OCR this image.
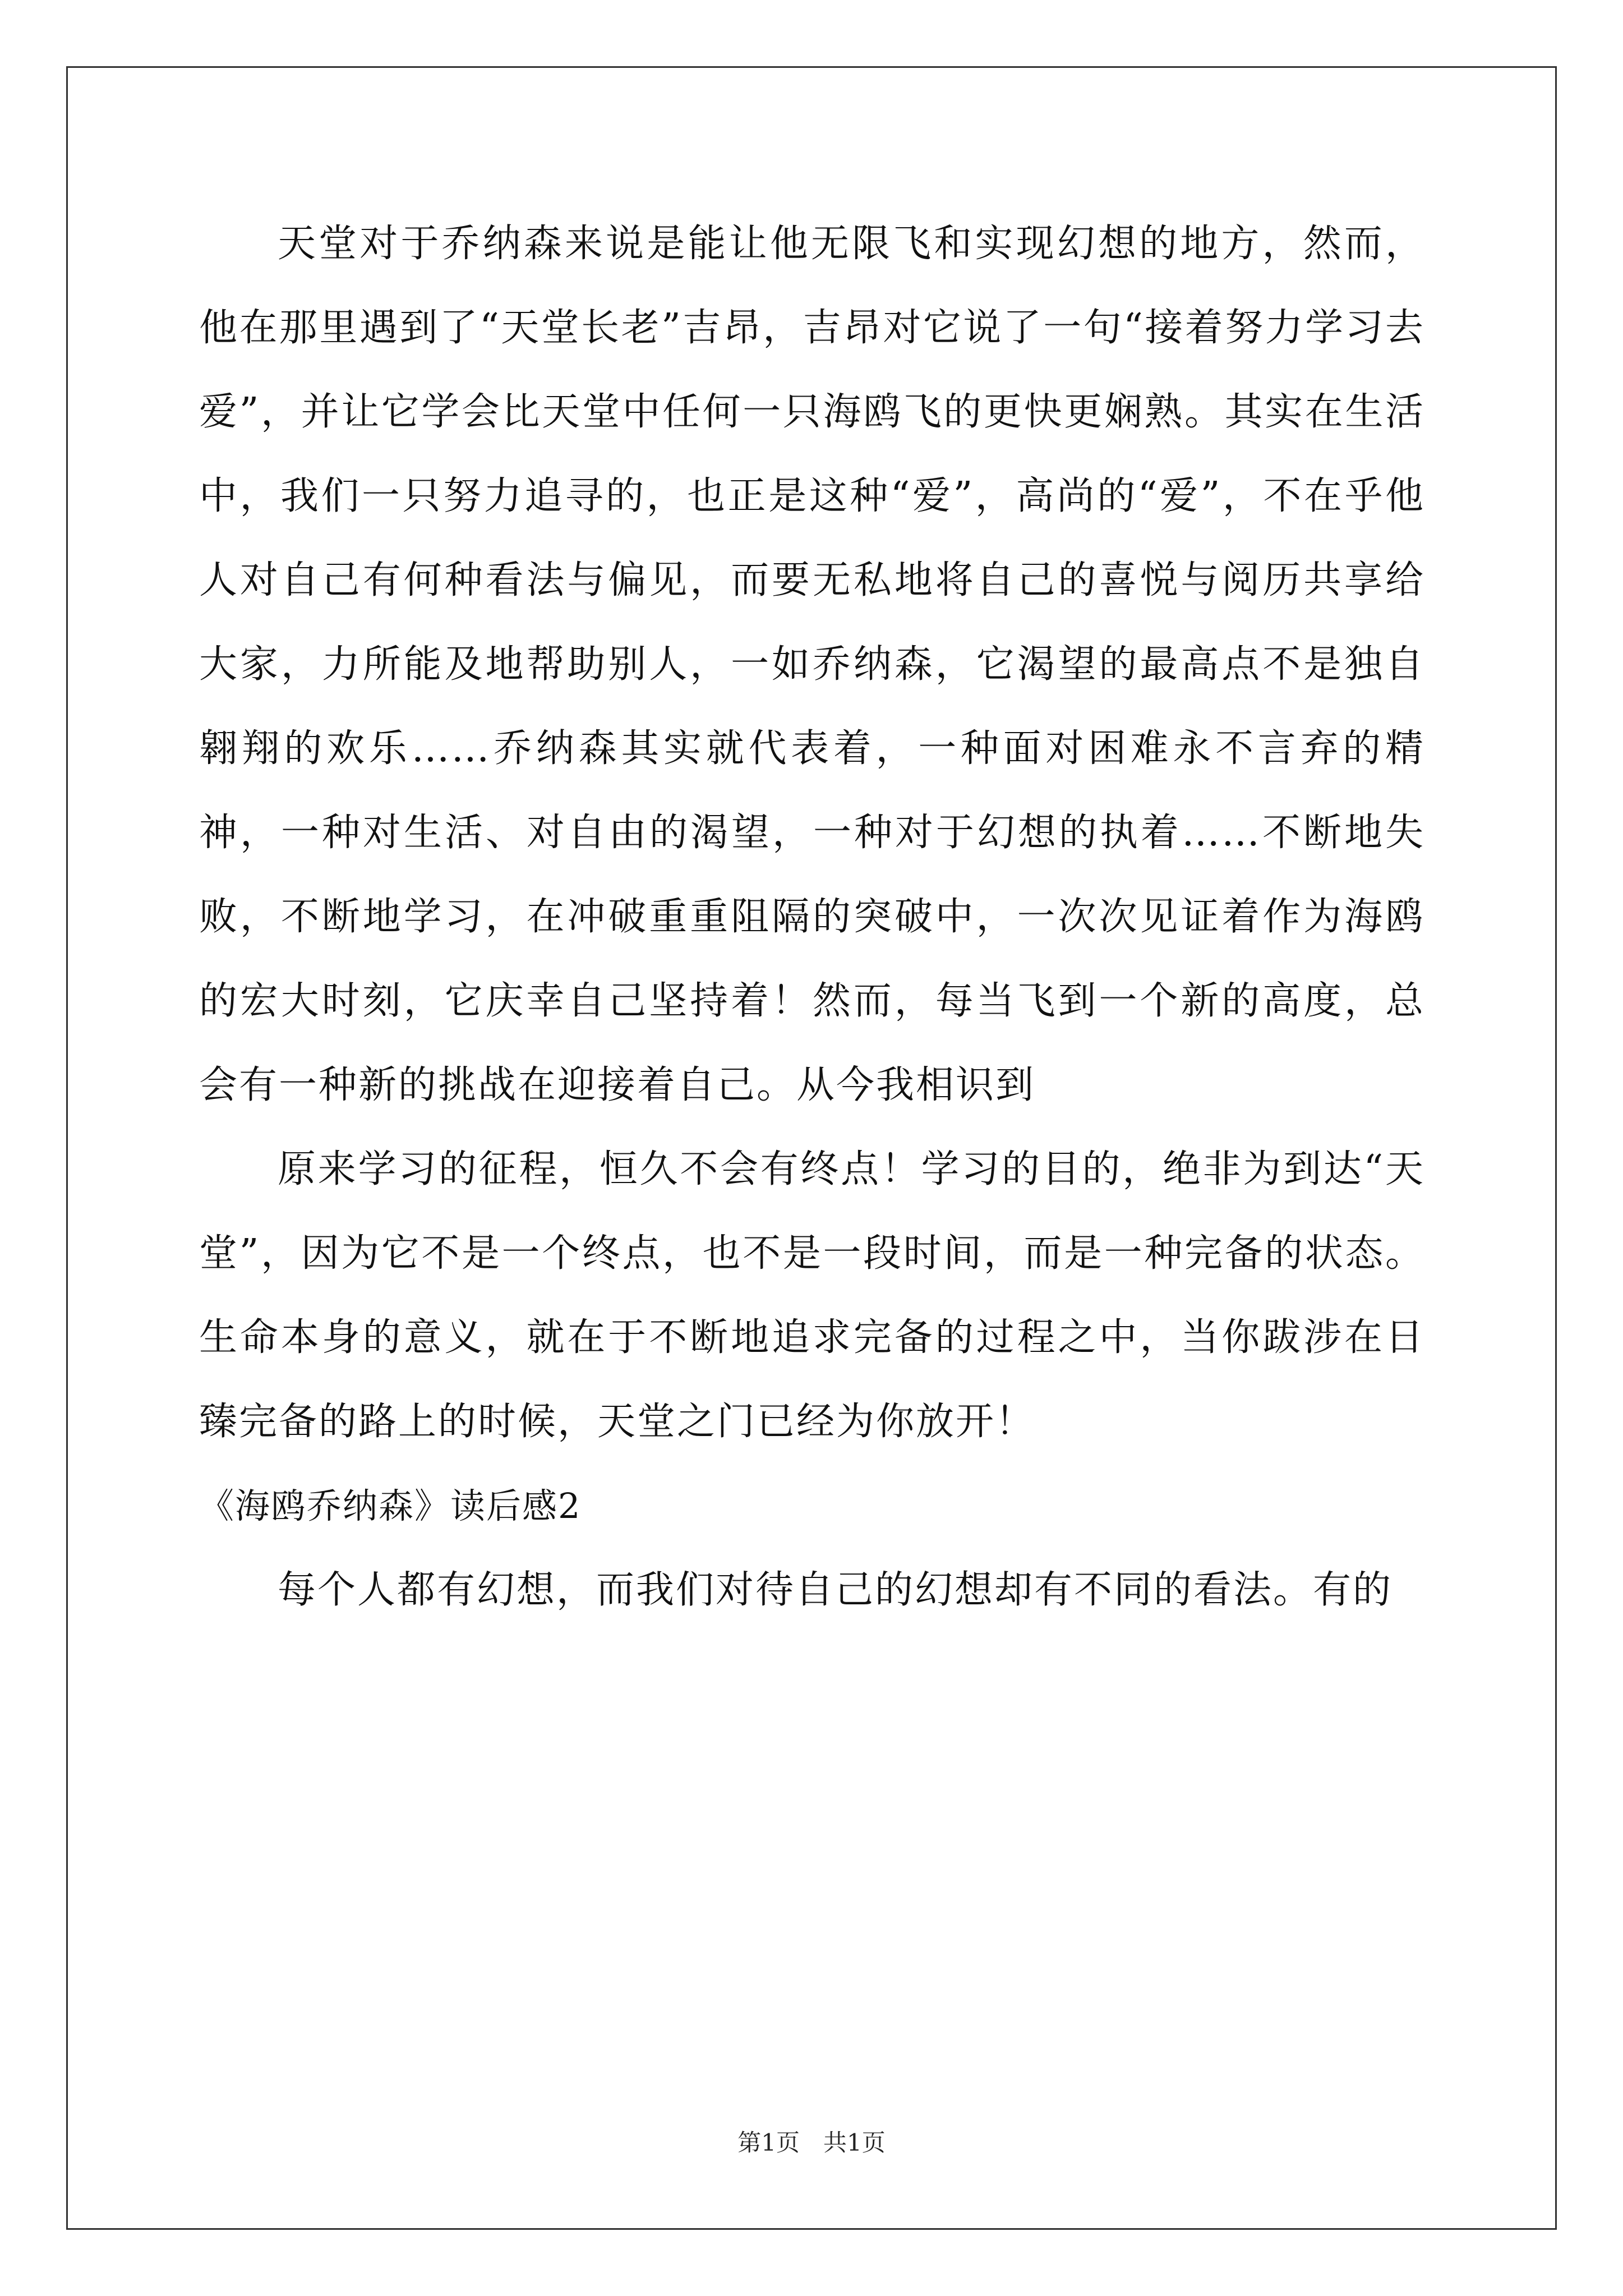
天堂对于乔纳森来说是能让他无限飞和实现幻想的地方，然而，他在那里遇到了“天堂长老”吉昂，吉昂对它说了一句“接着努力学习去爱”，并让它学会比天堂中任何一只海鸥飞的更快更娴熟。其实在生活中，我们一只努力追寻的，也正是这种“爱”，高尚的“爱”，不在乎他人对自己有何种看法与偏见，而要无私地将自己的喜悦与阅历共享给大家，力所能及地帮助别人，一如乔纳森，它渴望的最高点不是独自翱翔的欢乐……乔纳森其实就代表着，一种面对困难永不言弃的精神，一种对生活、对自由的渴望，一种对于幻想的执着……不断地失败，不断地学习，在冲破重重阻隔的突破中，一次次见证着作为海鸥的宏大时刻，它庆幸自己坚持着！然而，每当飞到一个新的高度，总会有一种新的挑战在迎接着自己。从今我相识到

原来学习的征程，恒久不会有终点！学习的目的，绝非为到达“天堂”，因为它不是一个终点，也不是一段时间，而是一种完备的状态。生命本身的意义，就在于不断地追求完备的过程之中，当你跋涉在日臻完备的路上的时候，天堂之门已经为你放开！

《海鸥乔纳森》读后感2

每个人都有幻想，而我们对待自己的幻想却有不同的看法。有的

第1页　共1页
